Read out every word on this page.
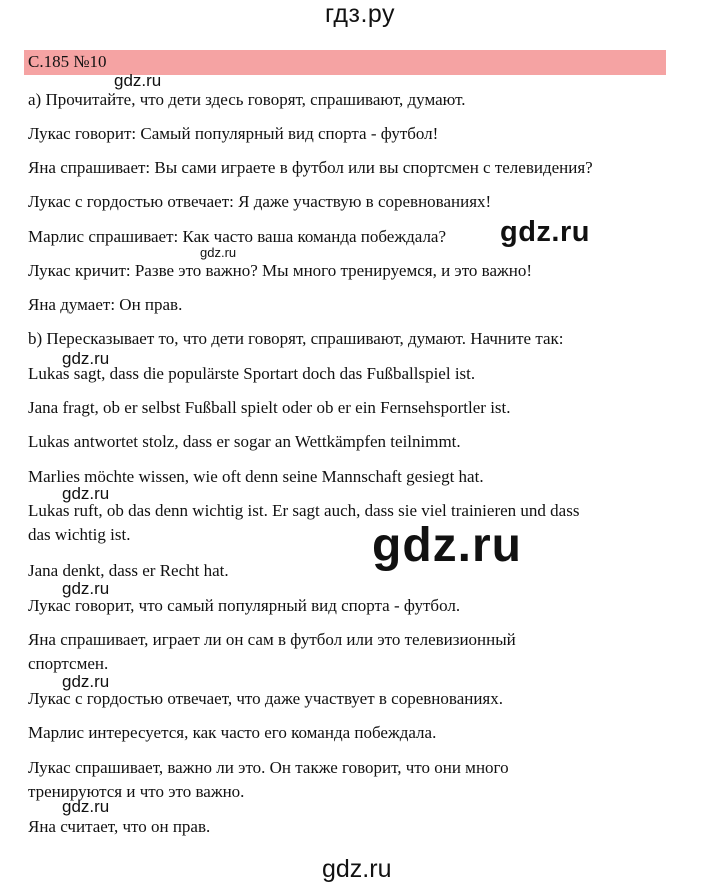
гдз.ру
С.185 №10
gdz.ru
gdz.ru
gdz.ru
gdz.ru
gdz.ru
gdz.ru
gdz.ru
gdz.ru
gdz.ru
gdz.ru
a) Прочитайте, что дети здесь говорят, спрашивают, думают.
Лукас говорит: Самый популярный вид спорта - футбол!
Яна спрашивает: Вы сами играете в футбол или вы спортсмен с телевидения?
Лукас с гордостью отвечает: Я даже участвую в соревнованиях!
Марлис спрашивает: Как часто ваша команда побеждала?
Лукас кричит: Разве это важно? Мы много тренируемся, и это важно!
Яна думает: Он прав.
b) Пересказывает то, что дети говорят, спрашивают, думают. Начните так:
Lukas sagt, dass die populärste Sportart doch das Fußballspiel ist.
Jana fragt, ob er selbst Fußball spielt oder ob er ein Fernsehsportler ist.
Lukas antwortet stolz, dass er sogar an Wettkämpfen teilnimmt.
Marlies möchte wissen, wie oft denn seine Mannschaft gesiegt hat.
Lukas ruft, ob das denn wichtig ist. Er sagt auch, dass sie viel trainieren und dass
das wichtig ist.
Jana denkt, dass er Recht hat.
Лукас говорит, что самый популярный вид спорта - футбол.
Яна спрашивает, играет ли он сам в футбол или это телевизионный
спортсмен.
Лукас с гордостью отвечает, что даже участвует в соревнованиях.
Марлис интересуется, как часто его команда побеждала.
Лукас спрашивает, важно ли это. Он также говорит, что они много
тренируются и что это важно.
Яна считает, что он прав.
